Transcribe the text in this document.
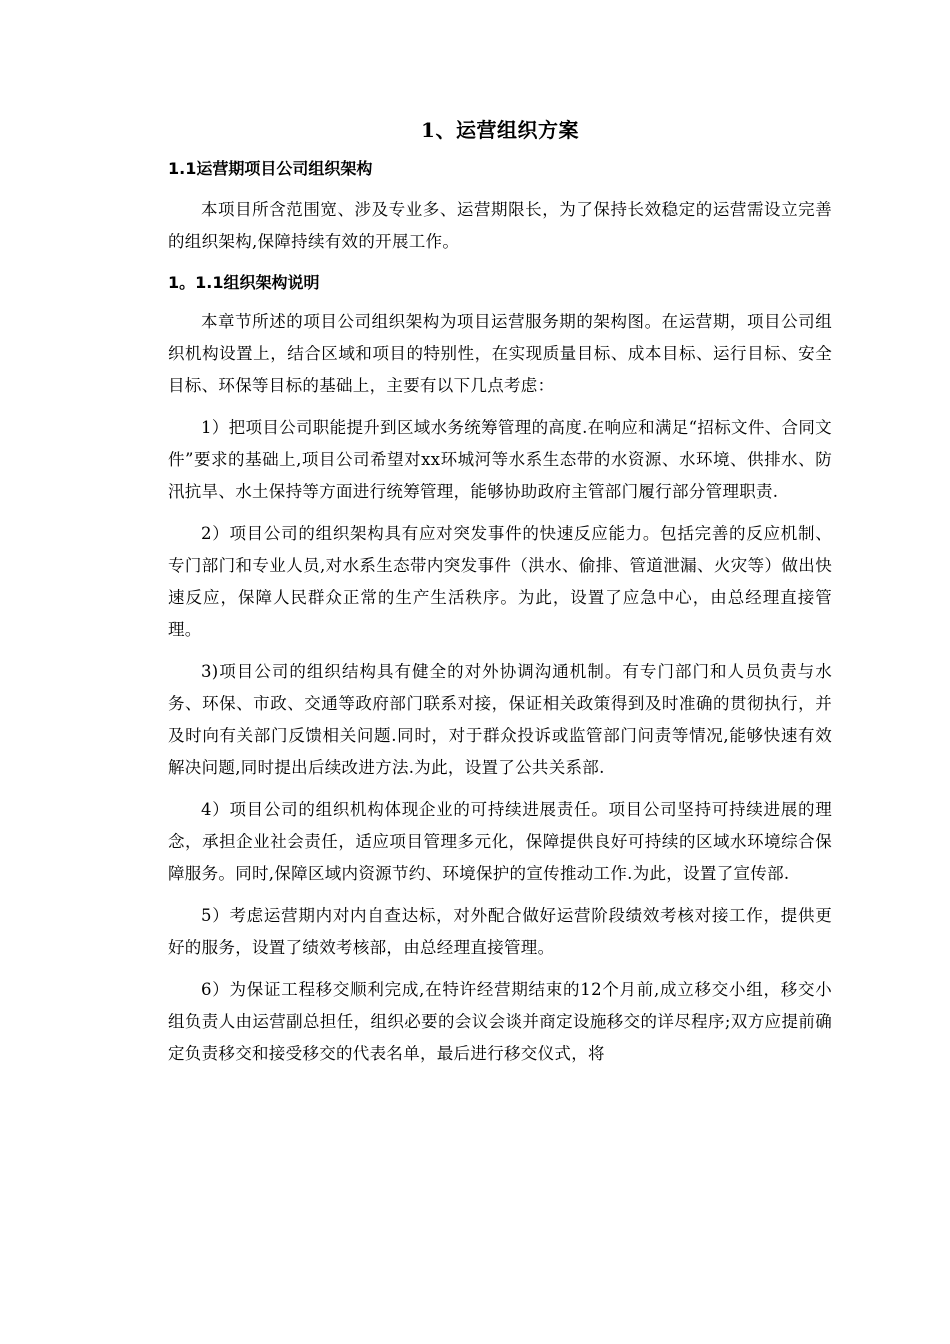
1、运营组织方案
1.1运营期项目公司组织架构

本项目所含范围宽、涉及专业多、运营期限长，为了保持长效稳定的运营需设立完善的组织架构,保障持续有效的开展工作。

1。1.1组织架构说明

本章节所述的项目公司组织架构为项目运营服务期的架构图。在运营期，项目公司组织机构设置上，结合区域和项目的特别性，在实现质量目标、成本目标、运行目标、安全目标、环保等目标的基础上，主要有以下几点考虑：

1）把项目公司职能提升到区域水务统筹管理的高度.在响应和满足“招标文件、合同文件”要求的基础上,项目公司希望对xx环城河等水系生态带的水资源、水环境、供排水、防汛抗旱、水土保持等方面进行统筹管理，能够协助政府主管部门履行部分管理职责.

2）项目公司的组织架构具有应对突发事件的快速反应能力。包括完善的反应机制、专门部门和专业人员,对水系生态带内突发事件（洪水、偷排、管道泄漏、火灾等）做出快速反应，保障人民群众正常的生产生活秩序。为此，设置了应急中心，由总经理直接管理。

3)项目公司的组织结构具有健全的对外协调沟通机制。有专门部门和人员负责与水务、环保、市政、交通等政府部门联系对接，保证相关政策得到及时准确的贯彻执行，并及时向有关部门反馈相关问题.同时，对于群众投诉或监管部门问责等情况,能够快速有效解决问题,同时提出后续改进方法.为此，设置了公共关系部.

4）项目公司的组织机构体现企业的可持续进展责任。项目公司坚持可持续进展的理念，承担企业社会责任，适应项目管理多元化，保障提供良好可持续的区域水环境综合保障服务。同时,保障区域内资源节约、环境保护的宣传推动工作.为此，设置了宣传部.

5）考虑运营期内对内自查达标，对外配合做好运营阶段绩效考核对接工作，提供更好的服务，设置了绩效考核部，由总经理直接管理。

6）为保证工程移交顺利完成,在特许经营期结束的12个月前,成立移交小组，移交小组负责人由运营副总担任，组织必要的会议会谈并商定设施移交的详尽程序;双方应提前确定负责移交和接受移交的代表名单，最后进行移交仪式，将
